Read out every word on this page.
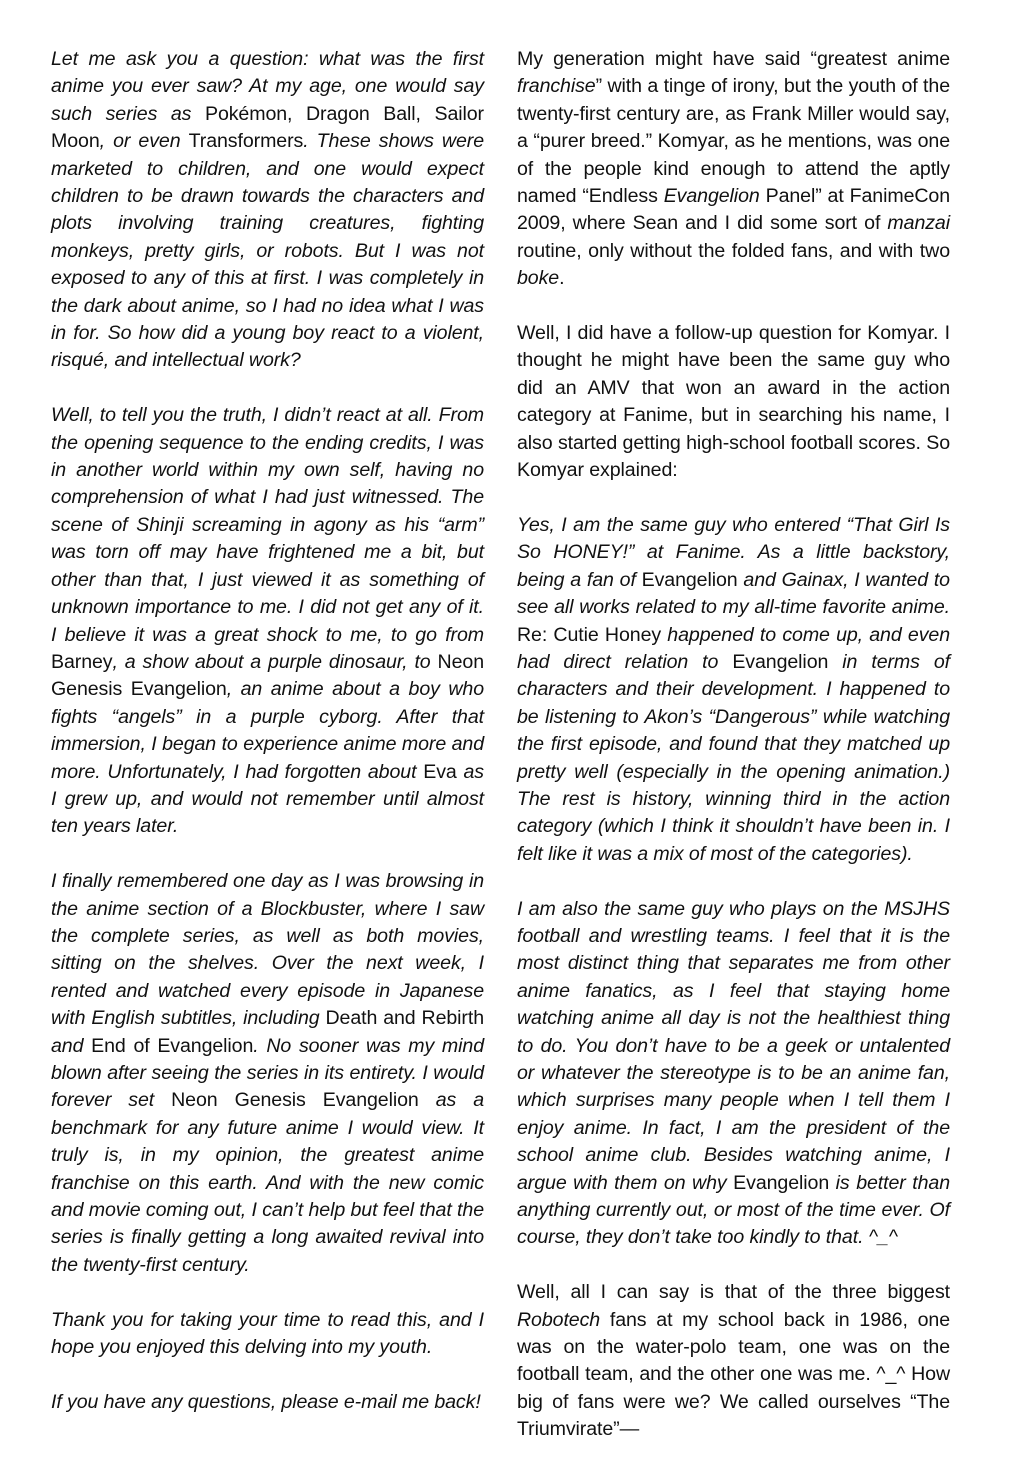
Let me ask you a question: what was the first anime you ever saw? At my age, one would say such series as Pokémon, Dragon Ball, Sailor Moon, or even Transformers. These shows were marketed to children, and one would expect children to be drawn towards the characters and plots involving training creatures, fighting monkeys, pretty girls, or robots. But I was not exposed to any of this at first. I was completely in the dark about anime, so I had no idea what I was in for. So how did a young boy react to a violent, risqué, and intellectual work?

Well, to tell you the truth, I didn’t react at all. From the opening sequence to the ending credits, I was in another world within my own self, having no comprehension of what I had just witnessed. The scene of Shinji screaming in agony as his “arm” was torn off may have frightened me a bit, but other than that, I just viewed it as something of unknown importance to me. I did not get any of it. I believe it was a great shock to me, to go from Barney, a show about a purple dinosaur, to Neon Genesis Evangelion, an anime about a boy who fights “angels” in a purple cyborg. After that immersion, I began to experience anime more and more. Unfortunately, I had forgotten about Eva as I grew up, and would not remember until almost ten years later.

I finally remembered one day as I was browsing in the anime section of a Blockbuster, where I saw the complete series, as well as both movies, sitting on the shelves. Over the next week, I rented and watched every episode in Japanese with English subtitles, including Death and Rebirth and End of Evangelion. No sooner was my mind blown after seeing the series in its entirety. I would forever set Neon Genesis Evangelion as a benchmark for any future anime I would view. It truly is, in my opinion, the greatest anime franchise on this earth. And with the new comic and movie coming out, I can’t help but feel that the series is finally getting a long awaited revival into the twenty-first century.

Thank you for taking your time to read this, and I hope you enjoyed this delving into my youth.

If you have any questions, please e-mail me back!

My generation might have said “greatest anime franchise” with a tinge of irony, but the youth of the twenty-first century are, as Frank Miller would say, a “purer breed.” Komyar, as he mentions, was one of the people kind enough to attend the aptly named “Endless Evangelion Panel” at FanimeCon 2009, where Sean and I did some sort of manzai routine, only without the folded fans, and with two boke.

Well, I did have a follow-up question for Komyar. I thought he might have been the same guy who did an AMV that won an award in the action category at Fanime, but in searching his name, I also started getting high-school football scores. So Komyar explained:

Yes, I am the same guy who entered “That Girl Is So HONEY!” at Fanime. As a little backstory, being a fan of Evangelion and Gainax, I wanted to see all works related to my all-time favorite anime. Re: Cutie Honey happened to come up, and even had direct relation to Evangelion in terms of characters and their development. I happened to be listening to Akon’s “Dangerous” while watching the first episode, and found that they matched up pretty well (especially in the opening animation.) The rest is history, winning third in the action category (which I think it shouldn’t have been in. I felt like it was a mix of most of the categories).

I am also the same guy who plays on the MSJHS football and wrestling teams. I feel that it is the most distinct thing that separates me from other anime fanatics, as I feel that staying home watching anime all day is not the healthiest thing to do. You don’t have to be a geek or untalented or whatever the stereotype is to be an anime fan, which surprises many people when I tell them I enjoy anime. In fact, I am the president of the school anime club. Besides watching anime, I argue with them on why Evangelion is better than anything currently out, or most of the time ever. Of course, they don’t take too kindly to that. ^_^

Well, all I can say is that of the three biggest Robotech fans at my school back in 1986, one was on the water-polo team, one was on the football team, and the other one was me. ^_^ How big of fans were we? We called ourselves “The Triumvirate”—
